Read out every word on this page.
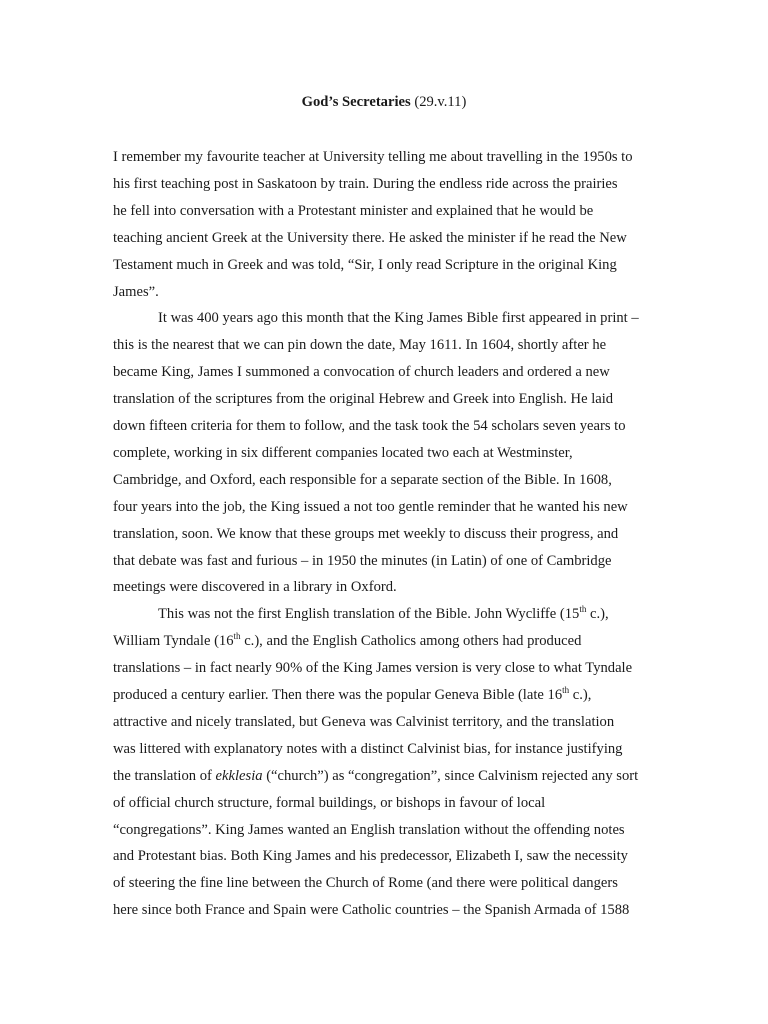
God’s Secretaries (29.v.11)
I remember my favourite teacher at University telling me about travelling in the 1950s to
his first teaching post in Saskatoon by train. During the endless ride across the prairies
he fell into conversation with a Protestant minister and explained that he would be
teaching ancient Greek at the University there. He asked the minister if he read the New
Testament much in Greek and was told, “Sir, I only read Scripture in the original King
James”.
It was 400 years ago this month that the King James Bible first appeared in print –
this is the nearest that we can pin down the date, May 1611. In 1604, shortly after he
became King, James I summoned a convocation of church leaders and ordered a new
translation of the scriptures from the original Hebrew and Greek into English. He laid
down fifteen criteria for them to follow, and the task took the 54 scholars seven years to
complete, working in six different companies located two each at Westminster,
Cambridge, and Oxford, each responsible for a separate section of the Bible. In 1608,
four years into the job, the King issued a not too gentle reminder that he wanted his new
translation, soon. We know that these groups met weekly to discuss their progress, and
that debate was fast and furious – in 1950 the minutes (in Latin) of one of Cambridge
meetings were discovered in a library in Oxford.
This was not the first English translation of the Bible. John Wycliffe (15th c.),
William Tyndale (16th c.), and the English Catholics among others had produced
translations – in fact nearly 90% of the King James version is very close to what Tyndale
produced a century earlier. Then there was the popular Geneva Bible (late 16th c.),
attractive and nicely translated, but Geneva was Calvinist territory, and the translation
was littered with explanatory notes with a distinct Calvinist bias, for instance justifying
the translation of ekklesia (“church”) as “congregation”, since Calvinism rejected any sort
of official church structure, formal buildings, or bishops in favour of local
“congregations”. King James wanted an English translation without the offending notes
and Protestant bias. Both King James and his predecessor, Elizabeth I, saw the necessity
of steering the fine line between the Church of Rome (and there were political dangers
here since both France and Spain were Catholic countries – the Spanish Armada of 1588
